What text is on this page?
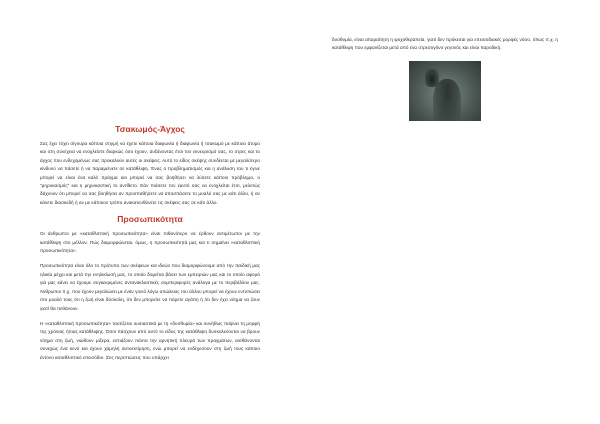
Τσακωμός-Άγχος

Σας έχει τύχει σίγουρα κάποια στιγμή να έχετε κάποια διαφωνία ή διαφωνία ή τσακωμό με κάποιο άτομο και στη συνέχεια να ενοχλείστε διαρκώς όσο έχουν, αυξάνοντας έτσι τον εκνευρισμό σας, το στρες και το άγχος που ενδεχομένως σας προκαλούν αυτές οι σκέψεις. Αυτό το είδος σκέψης συνδέεται με μεγαλύτερο κίνδυνο να πάσετε ή να παραμείνετε σε κατάθλιψη. Ένας ο προβληματισμός και η ανάλυση του τι έγινε μπορεί να είναι ένα καλό πράγμα και μπορεί να σας βοηθήσει να λύσετε κάποιο πρόβλημα, ο "μηρυκασμός" και η μηρυκαστική το αντίθετο. Εάν πιάσετε τον εαυτό σας να ενοχλείται έτσι, μελετώς δάχνουν ότι μπορεί να σας βοηθήσει αν προσπαθήσετε να αποσπάσετε το μυαλό σας με κάτι άλλο, ή αν κάνετε διασκεδή ή αν με κάποιον τρόπο ανακατευθύνετε τις σκέψεις σας σε κάτι άλλο.

Προσωπικότητα

Οι άνθρωποι με «καταθλιπτική προσωπικότητα» είναι πιθανότερο να έρθουν αντιμέτωποι με την κατάθλιψη στο μέλλον. Πώς διαμορφώνεται, όμως, η προσωπικότητά μας και τι σημαίνει «καταθλιπτική προσωπικότητα».

Προσωπικότητα είναι όλο το πρότυπο των σκέψεων και ιδεών που διαμορφώνουμε από την παιδική μας ηλικία μέχρι και μετά την ενηλικίωσή μας, το οποίο δομείται βάσει των εμπειριών μας και το οποίο αφορά γιά μας κάνει να έχουμε συγκεκριμένες αντανακλαστικές συμπεριφορές ανάλογα με το περιβάλλον μας. Άνθρωποι π.χ. που έχουν μεγαλώσει με έναν γονιό λόγω απώλειας του άλλου μπορεί να έχουν εντυπώσει στο μυαλό τους ότι η ζωή είναι δύσκολη, ότι δεν μπορείτε να πάρετε αγάπη ή ότι δεν έχει νόημα να ζουν γιατί θα πεθάνουν.

Η «καταθλιπτική προσωπικότητα» ταυτίζεται ουσιαστικά με τη «δυσθυμία» και συνήθως παίρνει τη μορφή της χρόνιας ήπιας κατάθλιψης. Όσοι πάσχουν από αυτό το είδος της κατάθλιψη δυσκολεύονται να βρουν νόημα στη ζωή, νιώθουν μίζερα, εστιάζουν πάντα την αρνητική πλευρά των πραγμάτων, αισθάνονται συνεχώς ένα κενό και έχουν χαμηλή αυτοεκτίμηση, ενώ μπορεί να ενδέχεσουν στη ζωή τους κάποιο έντονο καταθλιπτικό επεισόδιο. Στις περιπτώσεις που υπάρχει

δυσθυμία, είναι απαραίτητη η ψυχοθεραπεία, γιατί δεν πρόκειται για επεισοδιακές μορφές νόσο, όπως π.χ. η κατάθλιψη που εμφανίζεται μετά από ένα στρεσογόνο γεγονός και είναι παροδική.
